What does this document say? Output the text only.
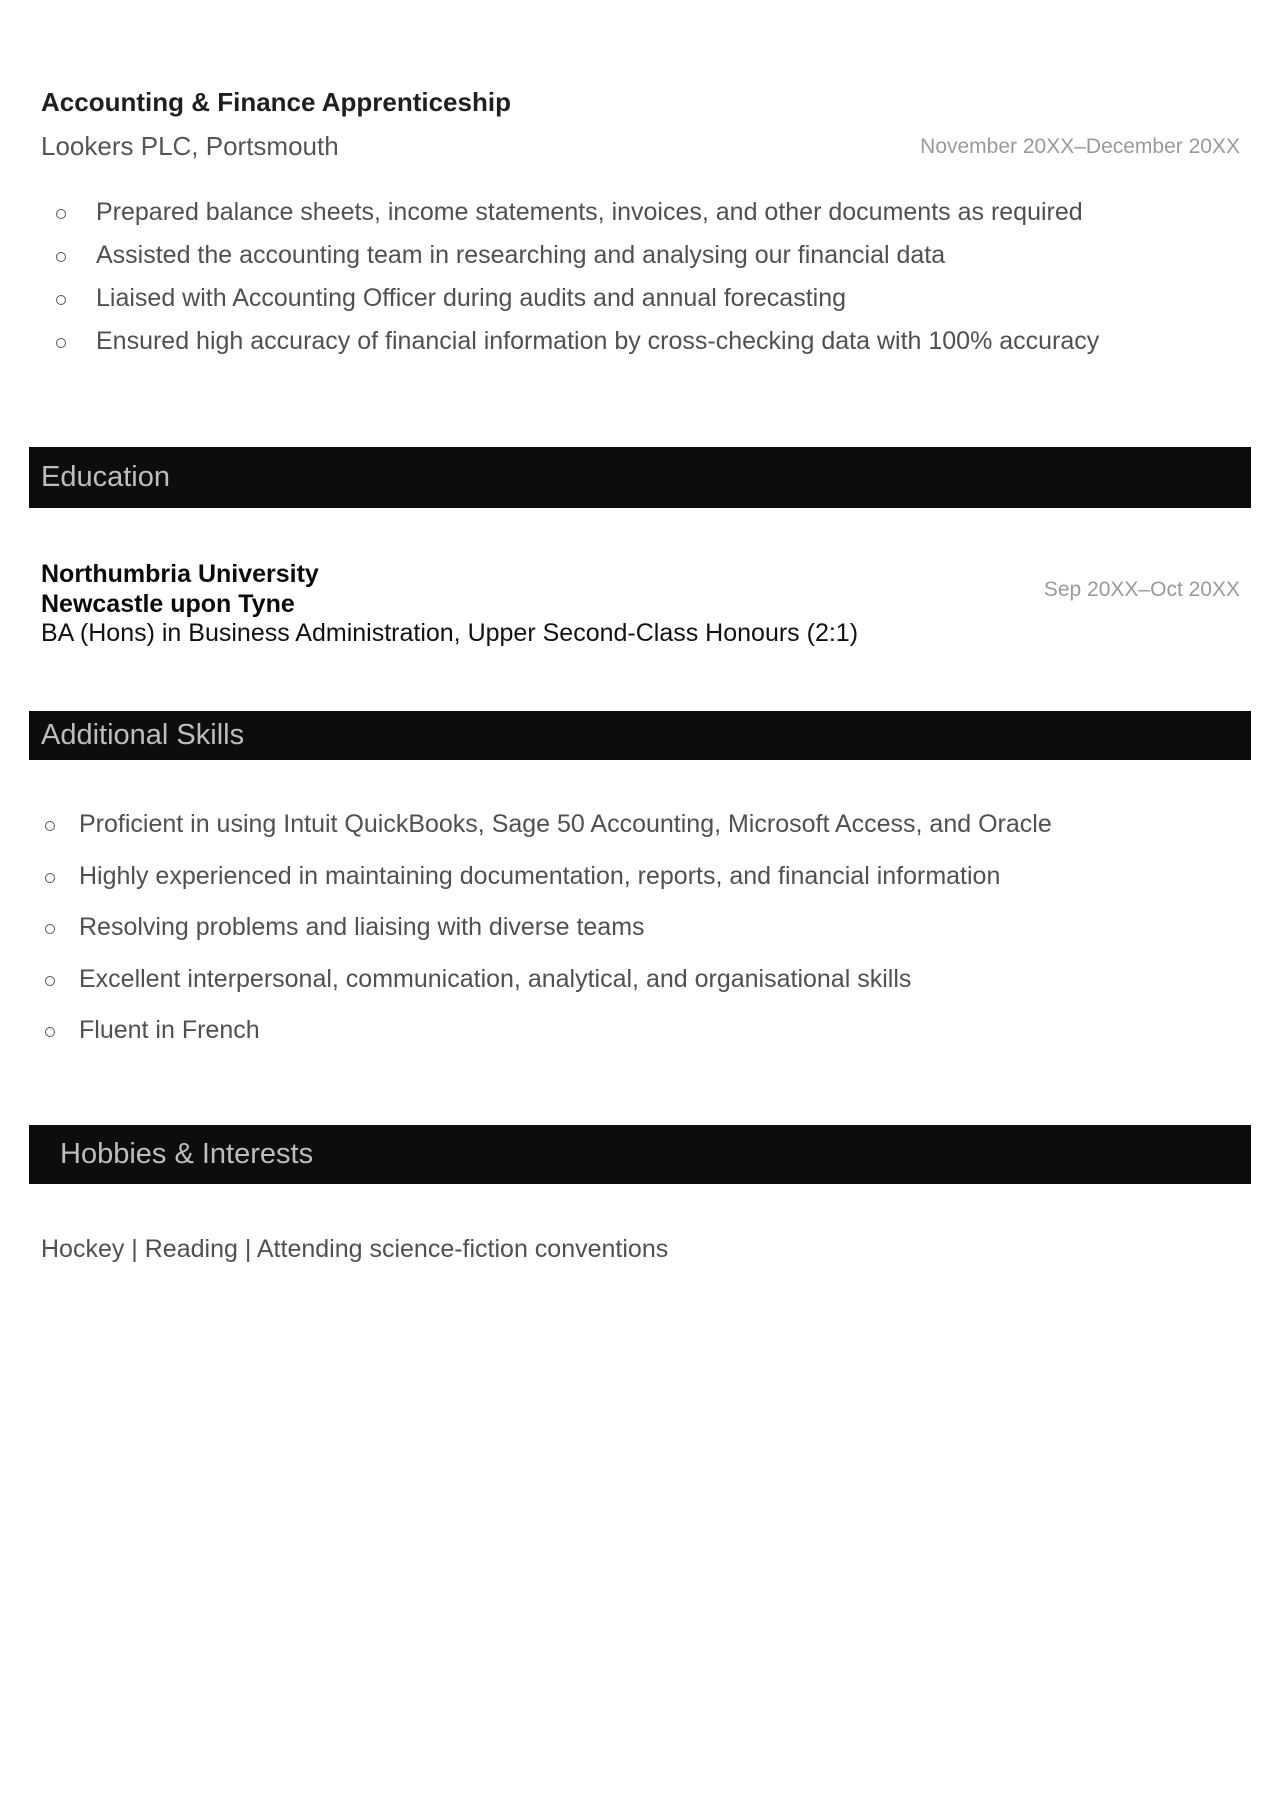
Accounting & Finance Apprenticeship
Lookers PLC, Portsmouth	November 20XX–December 20XX
Prepared balance sheets, income statements, invoices, and other documents as required
Assisted the accounting team in researching and analysing our financial data
Liaised with Accounting Officer during audits and annual forecasting
Ensured high accuracy of financial information by cross-checking data with 100% accuracy
Education
Northumbria University
Newcastle upon Tyne
BA (Hons) in Business Administration, Upper Second-Class Honours (2:1)
Sep 20XX–Oct 20XX
Additional Skills
Proficient in using Intuit QuickBooks, Sage 50 Accounting, Microsoft Access, and Oracle
Highly experienced in maintaining documentation, reports, and financial information
Resolving problems and liaising with diverse teams
Excellent interpersonal, communication, analytical, and organisational skills
Fluent in French
Hobbies & Interests
Hockey | Reading | Attending science-fiction conventions
